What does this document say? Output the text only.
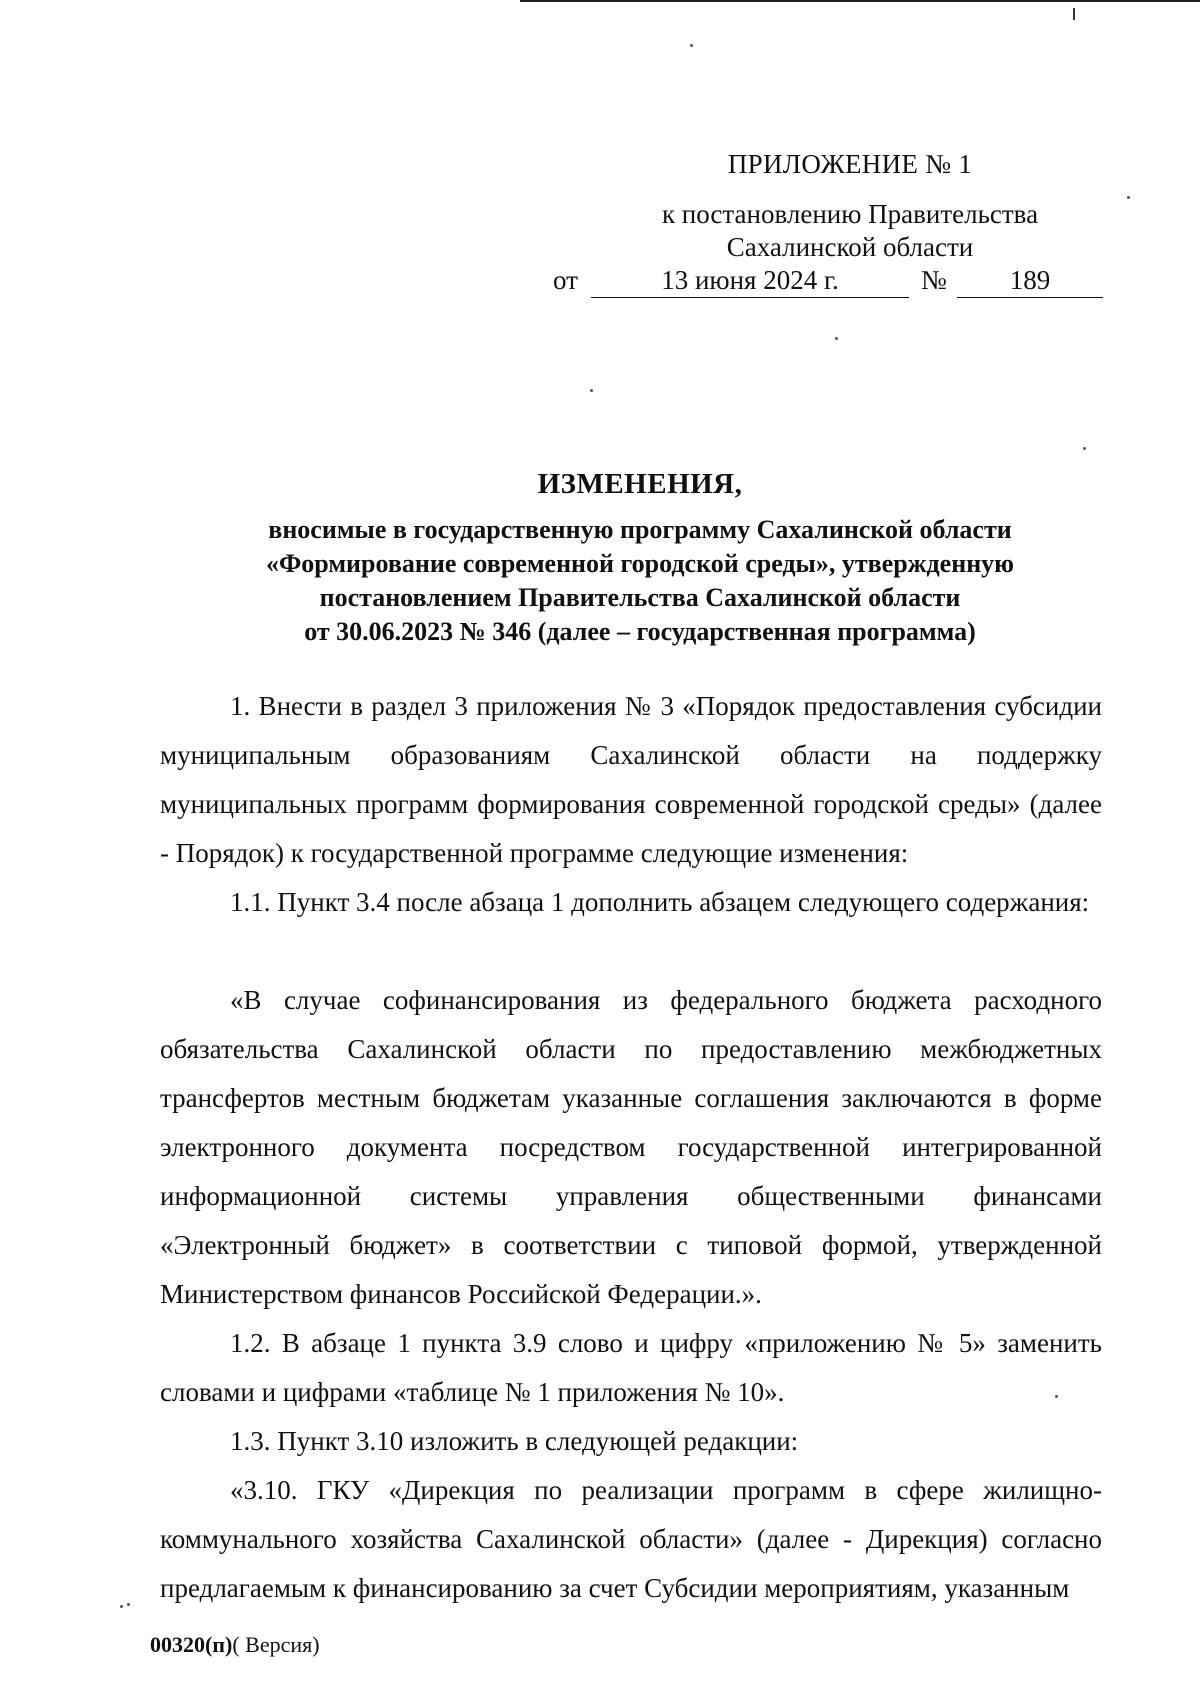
ПРИЛОЖЕНИЕ № 1
к постановлению Правительства
Сахалинской области
от	13 июня 2024 г.	№	189
ИЗМЕНЕНИЯ,
вносимые в государственную программу Сахалинской области
«Формирование современной городской среды», утвержденную
постановлением Правительства Сахалинской области
от 30.06.2023 № 346 (далее – государственная программа)

1. Внести в раздел 3 приложения № 3 «Порядок предоставления субсидии муниципальным образованиям Сахалинской области на поддержку муниципальных программ формирования современной городской среды» (далее - Порядок) к государственной программе следующие изменения:

1.1. Пункт 3.4 после абзаца 1 дополнить абзацем следующего содержания:

«В случае софинансирования из федерального бюджета расходного обязательства Сахалинской области по предоставлению межбюджетных трансфертов местным бюджетам указанные соглашения заключаются в форме электронного документа посредством государственной интегрированной информационной системы управления общественными финансами «Электронный бюджет» в соответствии с типовой формой, утвержденной Министерством финансов Российской Федерации.».

1.2. В абзаце 1 пункта 3.9 слово и цифру «приложению № 5» заменить словами и цифрами «таблице № 1 приложения № 10».

1.3. Пункт 3.10 изложить в следующей редакции:

«3.10. ГКУ «Дирекция по реализации программ в сфере жилищно-коммунального хозяйства Сахалинской области» (далее - Дирекция) согласно предлагаемым к финансированию за счет Субсидии мероприятиям, указанным

00320(п)( Версия)
